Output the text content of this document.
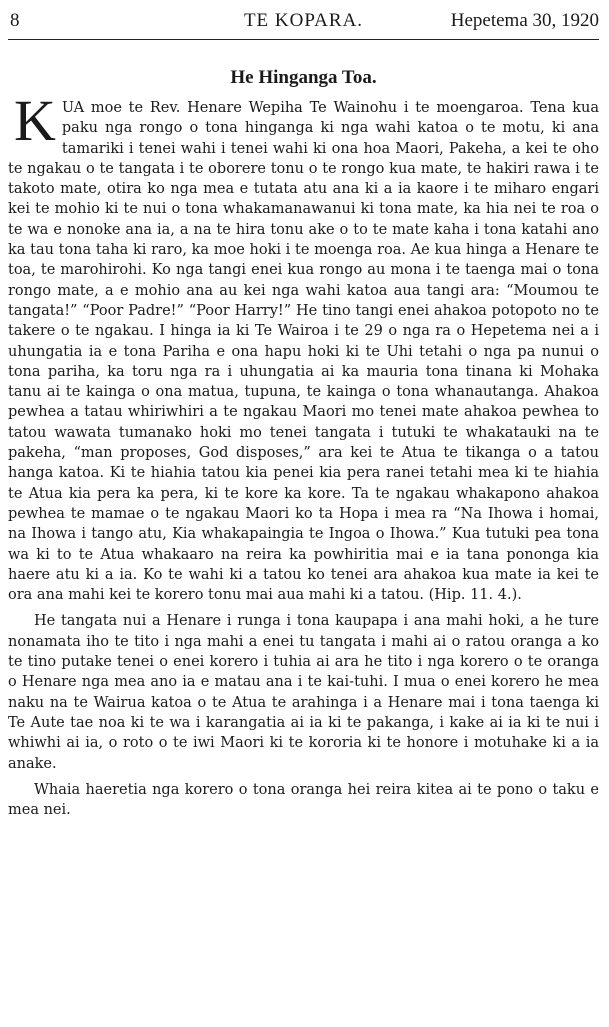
8	TE KOPARA.	Hepetema 30, 1920
He Hinganga Toa.

KUA moe te Rev. Henare Wepiha Te Wainohu i te moengaroa. Tena kua paku nga rongo o tona hinganga ki nga wahi katoa o te motu, ki ana tamariki i tenei wahi i tenei wahi ki ona hoa Maori, Pakeha, a kei te oho te ngakau o te tangata i te oborere tonu o te rongo kua mate, te hakiri rawa i te takoto mate, otira ko nga mea e tutata atu ana ki a ia kaore i te miharo engari kei te mohio ki te nui o tona whakamanawanui ki tona mate, ka hia nei te roa o te wa e nonoke ana ia, a na te hira tonu ake o to te mate kaha i tona katahi ano ka tau tona taha ki raro, ka moe hoki i te moenga roa. Ae kua hinga a Henare te toa, te marohirohi. Ko nga tangi enei kua rongo au mona i te taenga mai o tona rongo mate, a e mohio ana au kei nga wahi katoa aua tangi ara: “Moumou te tangata!” “Poor Padre!” “Poor Harry!” He tino tangi enei ahakoa potopoto no te takere o te ngakau. I hinga ia ki Te Wairoa i te 29 o nga ra o Hepetema nei a i uhungatia ia e tona Pariha e ona hapu hoki ki te Uhi tetahi o nga pa nunui o tona pariha, ka toru nga ra i uhungatia ai ka mauria tona tinana ki Mohaka tanu ai te kainga o ona matua, tupuna, te kainga o tona whanautanga. Ahakoa pewhea a tatau whiriwhiri a te ngakau Maori mo tenei mate ahakoa pewhea to tatou wawata tumanako hoki mo tenei tangata i tutuki te whakatauki na te pakeha, “man proposes, God disposes,” ara kei te Atua te tikanga o a tatou hanga katoa. Ki te hiahia tatou kia penei kia pera ranei tetahi mea ki te hiahia te Atua kia pera ka pera, ki te kore ka kore. Ta te ngakau whakapono ahakoa pewhea te mamae o te ngakau Maori ko ta Hopa i mea ra “Na Ihowa i homai, na Ihowa i tango atu, Kia whakapaingia te Ingoa o Ihowa.” Kua tutuki pea tona wa ki to te Atua whakaaro na reira ka powhiritia mai e ia tana pononga kia haere atu ki a ia. Ko te wahi ki a tatou ko tenei ara ahakoa kua mate ia kei te ora ana mahi kei te korero tonu mai aua mahi ki a tatou. (Hip. 11. 4.).

He tangata nui a Henare i runga i tona kaupapa i ana mahi hoki, a he ture nonamata iho te tito i nga mahi a enei tu tangata i mahi ai o ratou oranga a ko te tino putake tenei o enei korero i tuhia ai ara he tito i nga korero o te oranga o Henare nga mea ano ia e matau ana i te kai-tuhi. I mua o enei korero he mea naku na te Wairua katoa o te Atua te arahinga i a Henare mai i tona taenga ki Te Aute tae noa ki te wa i karangatia ai ia ki te pakanga, i kake ai ia ki te nui i whiwhi ai ia, o roto o te iwi Maori ki te kororia ki te honore i motuhake ki a ia anake.

Whaia haeretia nga korero o tona oranga hei reira kitea ai te pono o taku e mea nei.
